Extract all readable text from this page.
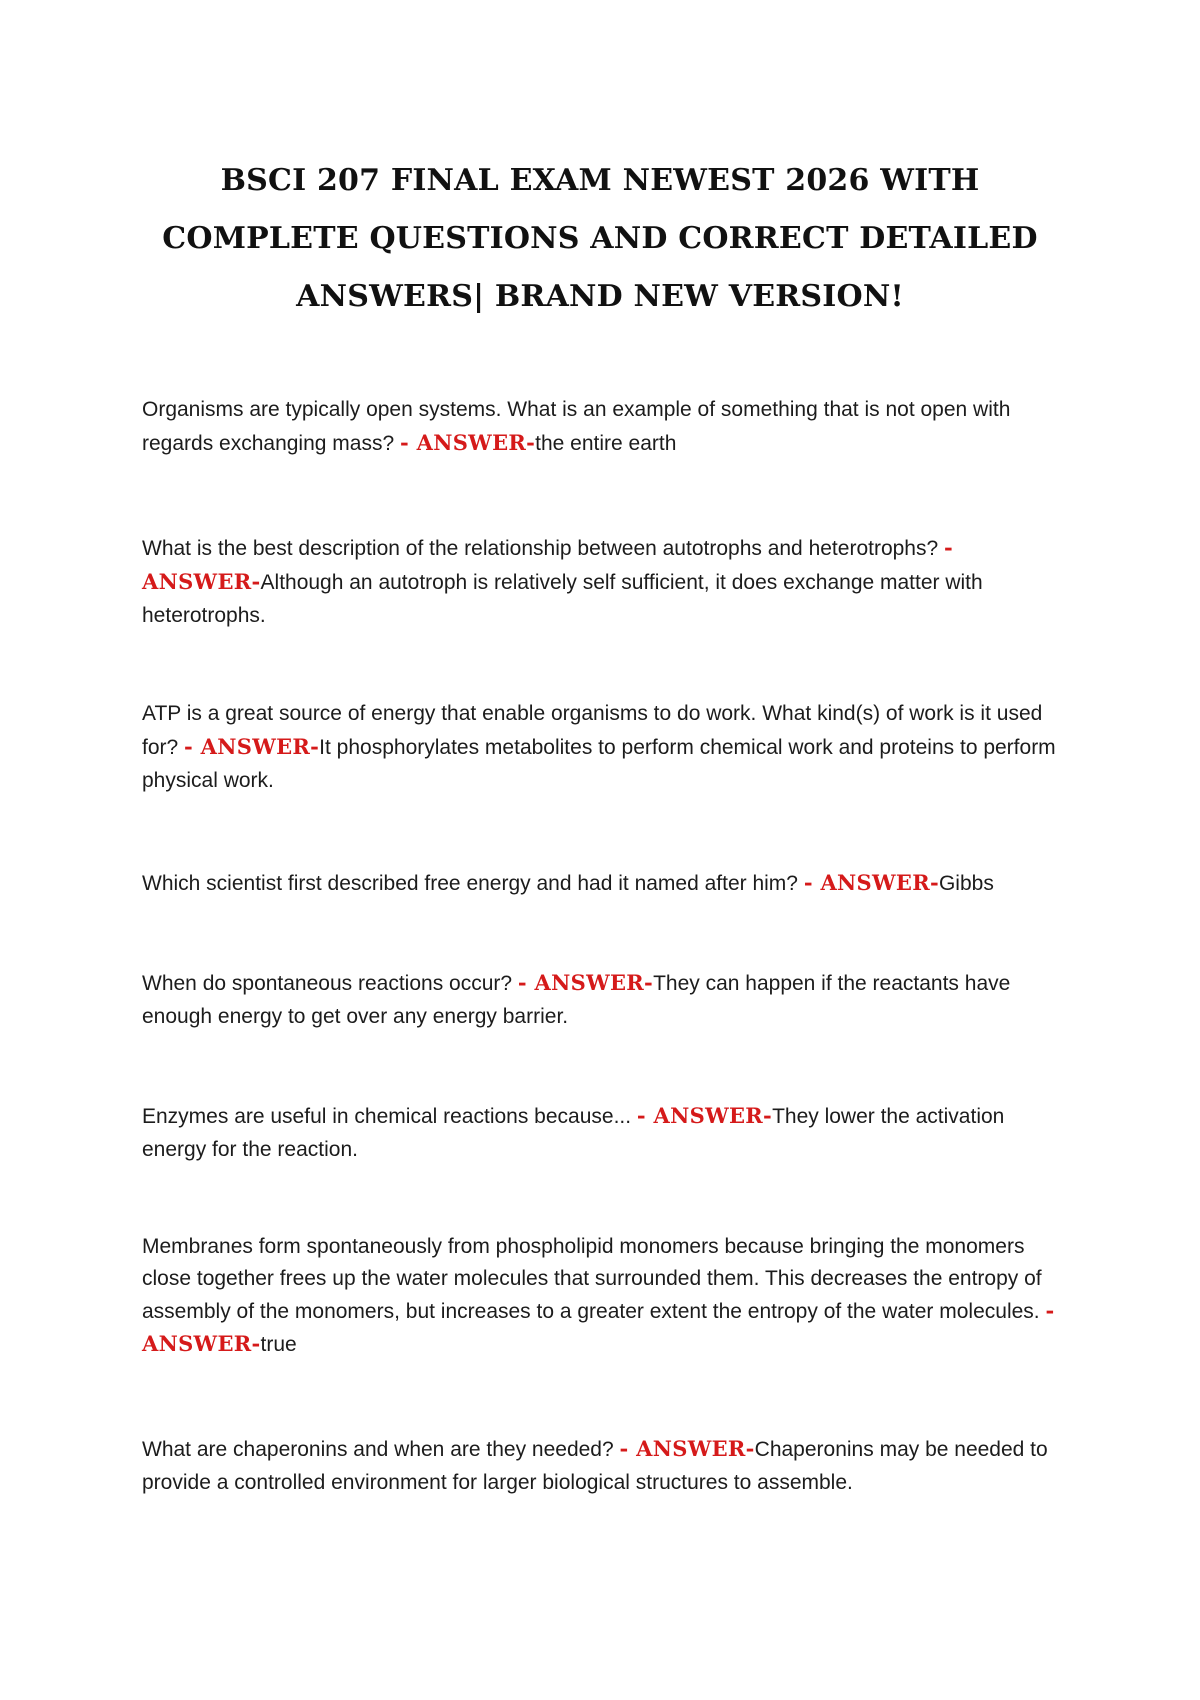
BSCI 207 FINAL EXAM NEWEST 2026 WITH COMPLETE QUESTIONS AND CORRECT DETAILED ANSWERS| BRAND NEW VERSION!

Organisms are typically open systems. What is an example of something that is not open with regards exchanging mass? - ANSWER-the entire earth

What is the best description of the relationship between autotrophs and heterotrophs? - ANSWER-Although an autotroph is relatively self sufficient, it does exchange matter with heterotrophs.

ATP is a great source of energy that enable organisms to do work. What kind(s) of work is it used for? - ANSWER-It phosphorylates metabolites to perform chemical work and proteins to perform physical work.

Which scientist first described free energy and had it named after him? - ANSWER-Gibbs

When do spontaneous reactions occur? - ANSWER-They can happen if the reactants have enough energy to get over any energy barrier.

Enzymes are useful in chemical reactions because... - ANSWER-They lower the activation energy for the reaction.

Membranes form spontaneously from phospholipid monomers because bringing the monomers close together frees up the water molecules that surrounded them. This decreases the entropy of assembly of the monomers, but increases to a greater extent the entropy of the water molecules. - ANSWER-true

What are chaperonins and when are they needed? - ANSWER-Chaperonins may be needed to provide a controlled environment for larger biological structures to assemble.
